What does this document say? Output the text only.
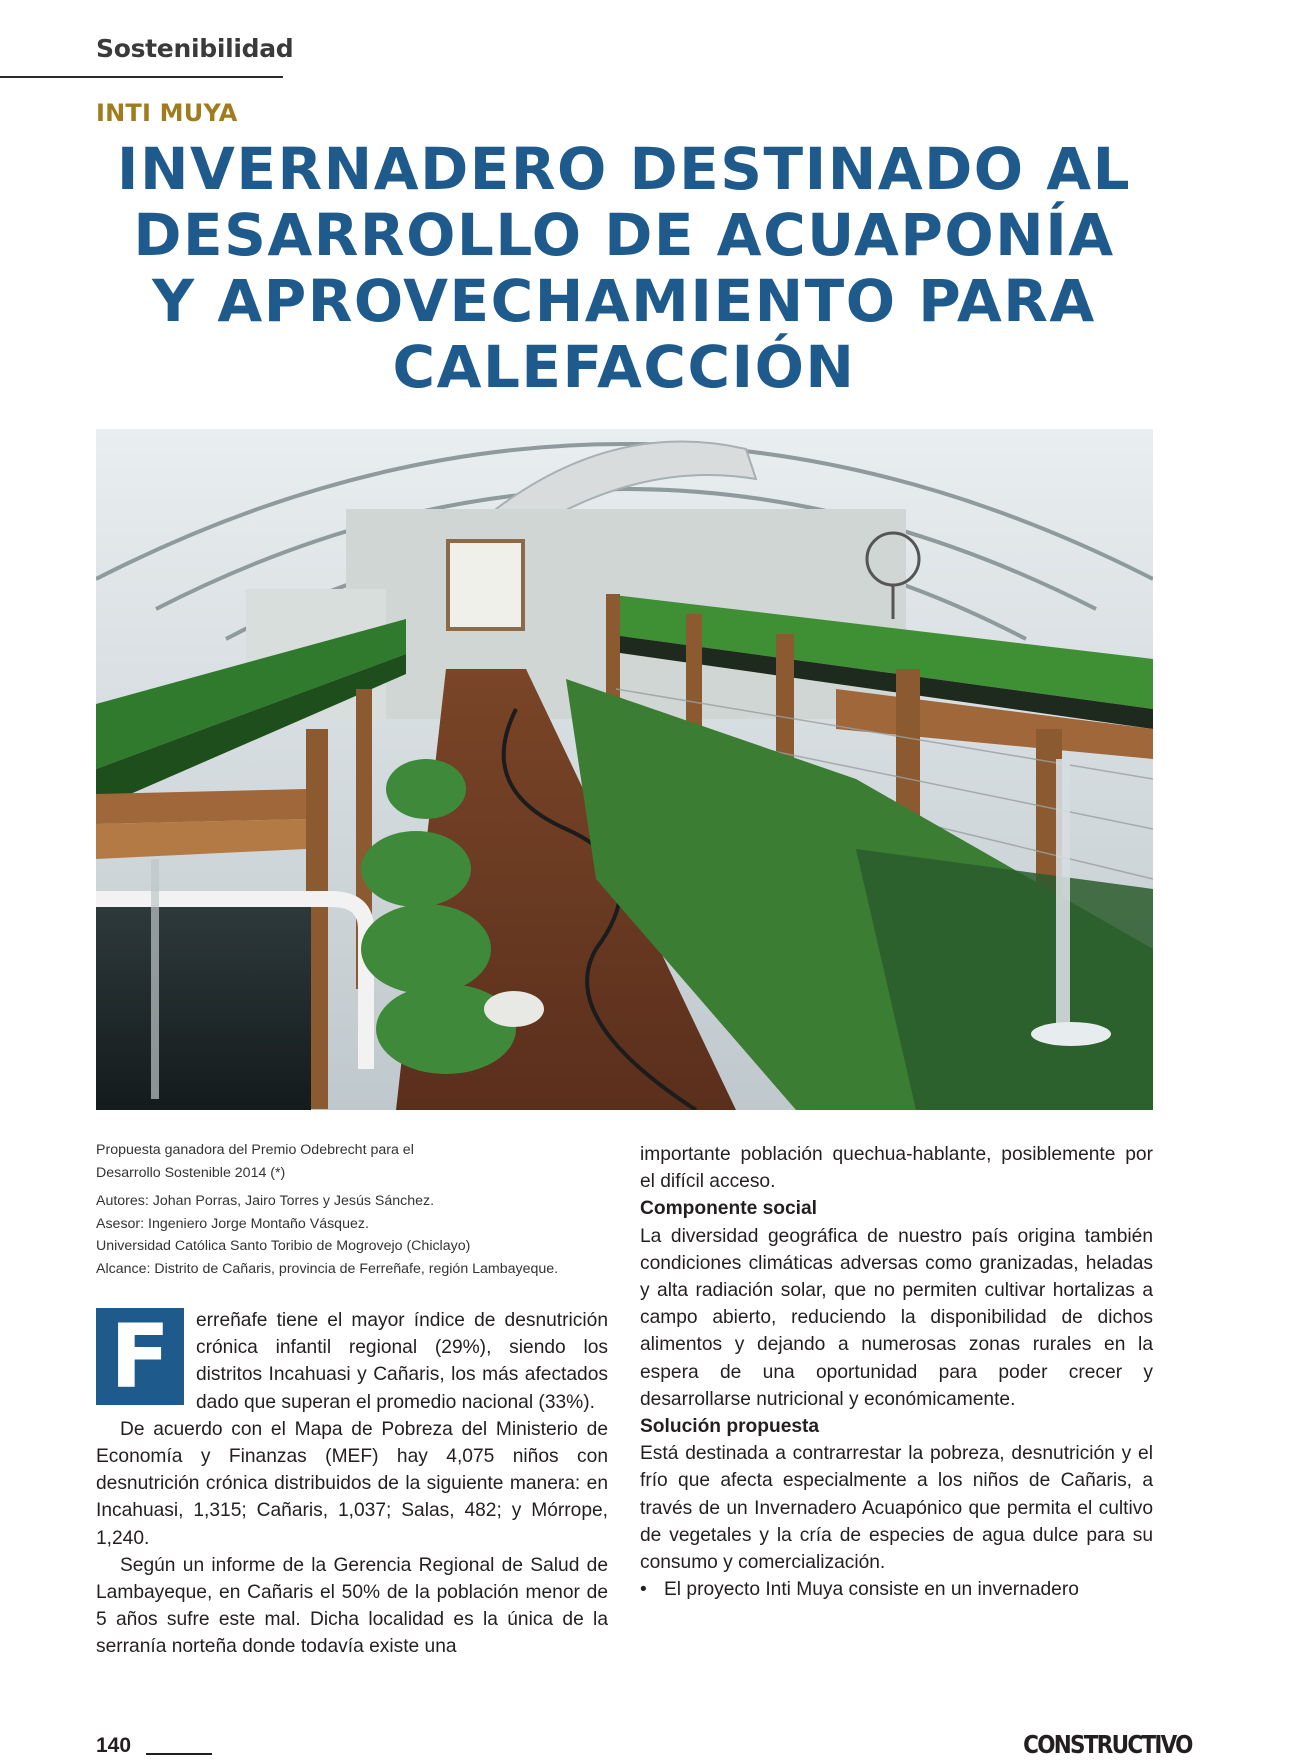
Sostenibilidad
INTI MUYA
INVERNADERO DESTINADO AL
DESARROLLO DE ACUAPONÍA
Y APROVECHAMIENTO PARA
CALEFACCIÓN

Propuesta ganadora del Premio Odebrecht para el

Desarrollo Sostenible 2014 (*)

Autores: Johan Porras, Jairo Torres y Jesús Sánchez.

Asesor: Ingeniero Jorge Montaño Vásquez.

Universidad Católica Santo Toribio de Mogrovejo (Chiclayo)

Alcance: Distrito de Cañaris, provincia de Ferreñafe, región Lambayeque.

F	erreñafe tiene el mayor índice de desnutrición crónica infantil regional (29%), siendo los distritos Incahuasi y Cañaris, los más afectados dado que superan el promedio nacional (33%).

De acuerdo con el Mapa de Pobreza del Ministerio de Economía y Finanzas (MEF) hay 4,075 niños con desnutrición crónica distribuidos de la siguiente manera: en Incahuasi, 1,315; Cañaris, 1,037; Salas, 482; y Mórrope, 1,240.

Según un informe de la Gerencia Regional de Salud de Lambayeque, en Cañaris el 50% de la población menor de 5 años sufre este mal. Dicha localidad es la única de la serranía norteña donde todavía existe una

importante población quechua-hablante, posiblemente por el difícil acceso.

Componente social

La diversidad geográfica de nuestro país origina también condiciones climáticas adversas como granizadas, heladas y alta radiación solar, que no permiten cultivar hortalizas a campo abierto, reduciendo la disponibilidad de dichos alimentos y dejando a numerosas zonas rurales en la espera de una oportunidad para poder crecer y desarrollarse nutricional y económicamente.

Solución propuesta

Está destinada a contrarrestar la pobreza, desnutrición y el frío que afecta especialmente a los niños de Cañaris, a través de un Invernadero Acuapónico que permita el cultivo de vegetales y la cría de especies de agua dulce para su consumo y comercialización.

• El proyecto Inti Muya consiste en un invernadero

140	CONSTRUCTIVO
